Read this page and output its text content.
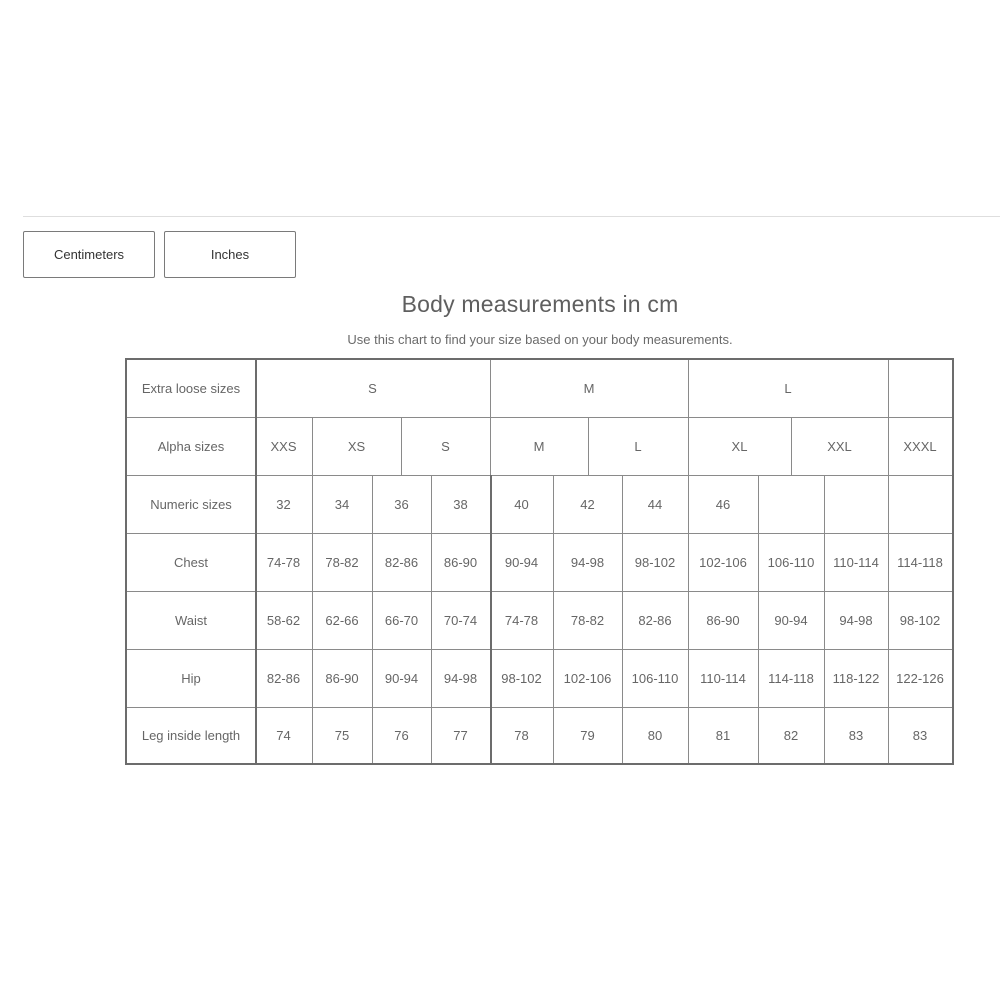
Centimeters	Inches
Body measurements in cm
Use this chart to find your size based on your body measurements.
Extra loose sizes	S	M	L
Alpha sizes	XXS	XS	S	M	L	XL	XXL	XXXL
Numeric sizes	32	34	36	38	40	42	44	46
Chest	74-78	78-82	82-86	86-90	90-94	94-98	98-102	102-106	106-110	110-114	114-118
Waist	58-62	62-66	66-70	70-74	74-78	78-82	82-86	86-90	90-94	94-98	98-102
Hip	82-86	86-90	90-94	94-98	98-102	102-106	106-110	110-114	114-118	118-122	122-126
Leg inside length	74	75	76	77	78	79	80	81	82	83	83
